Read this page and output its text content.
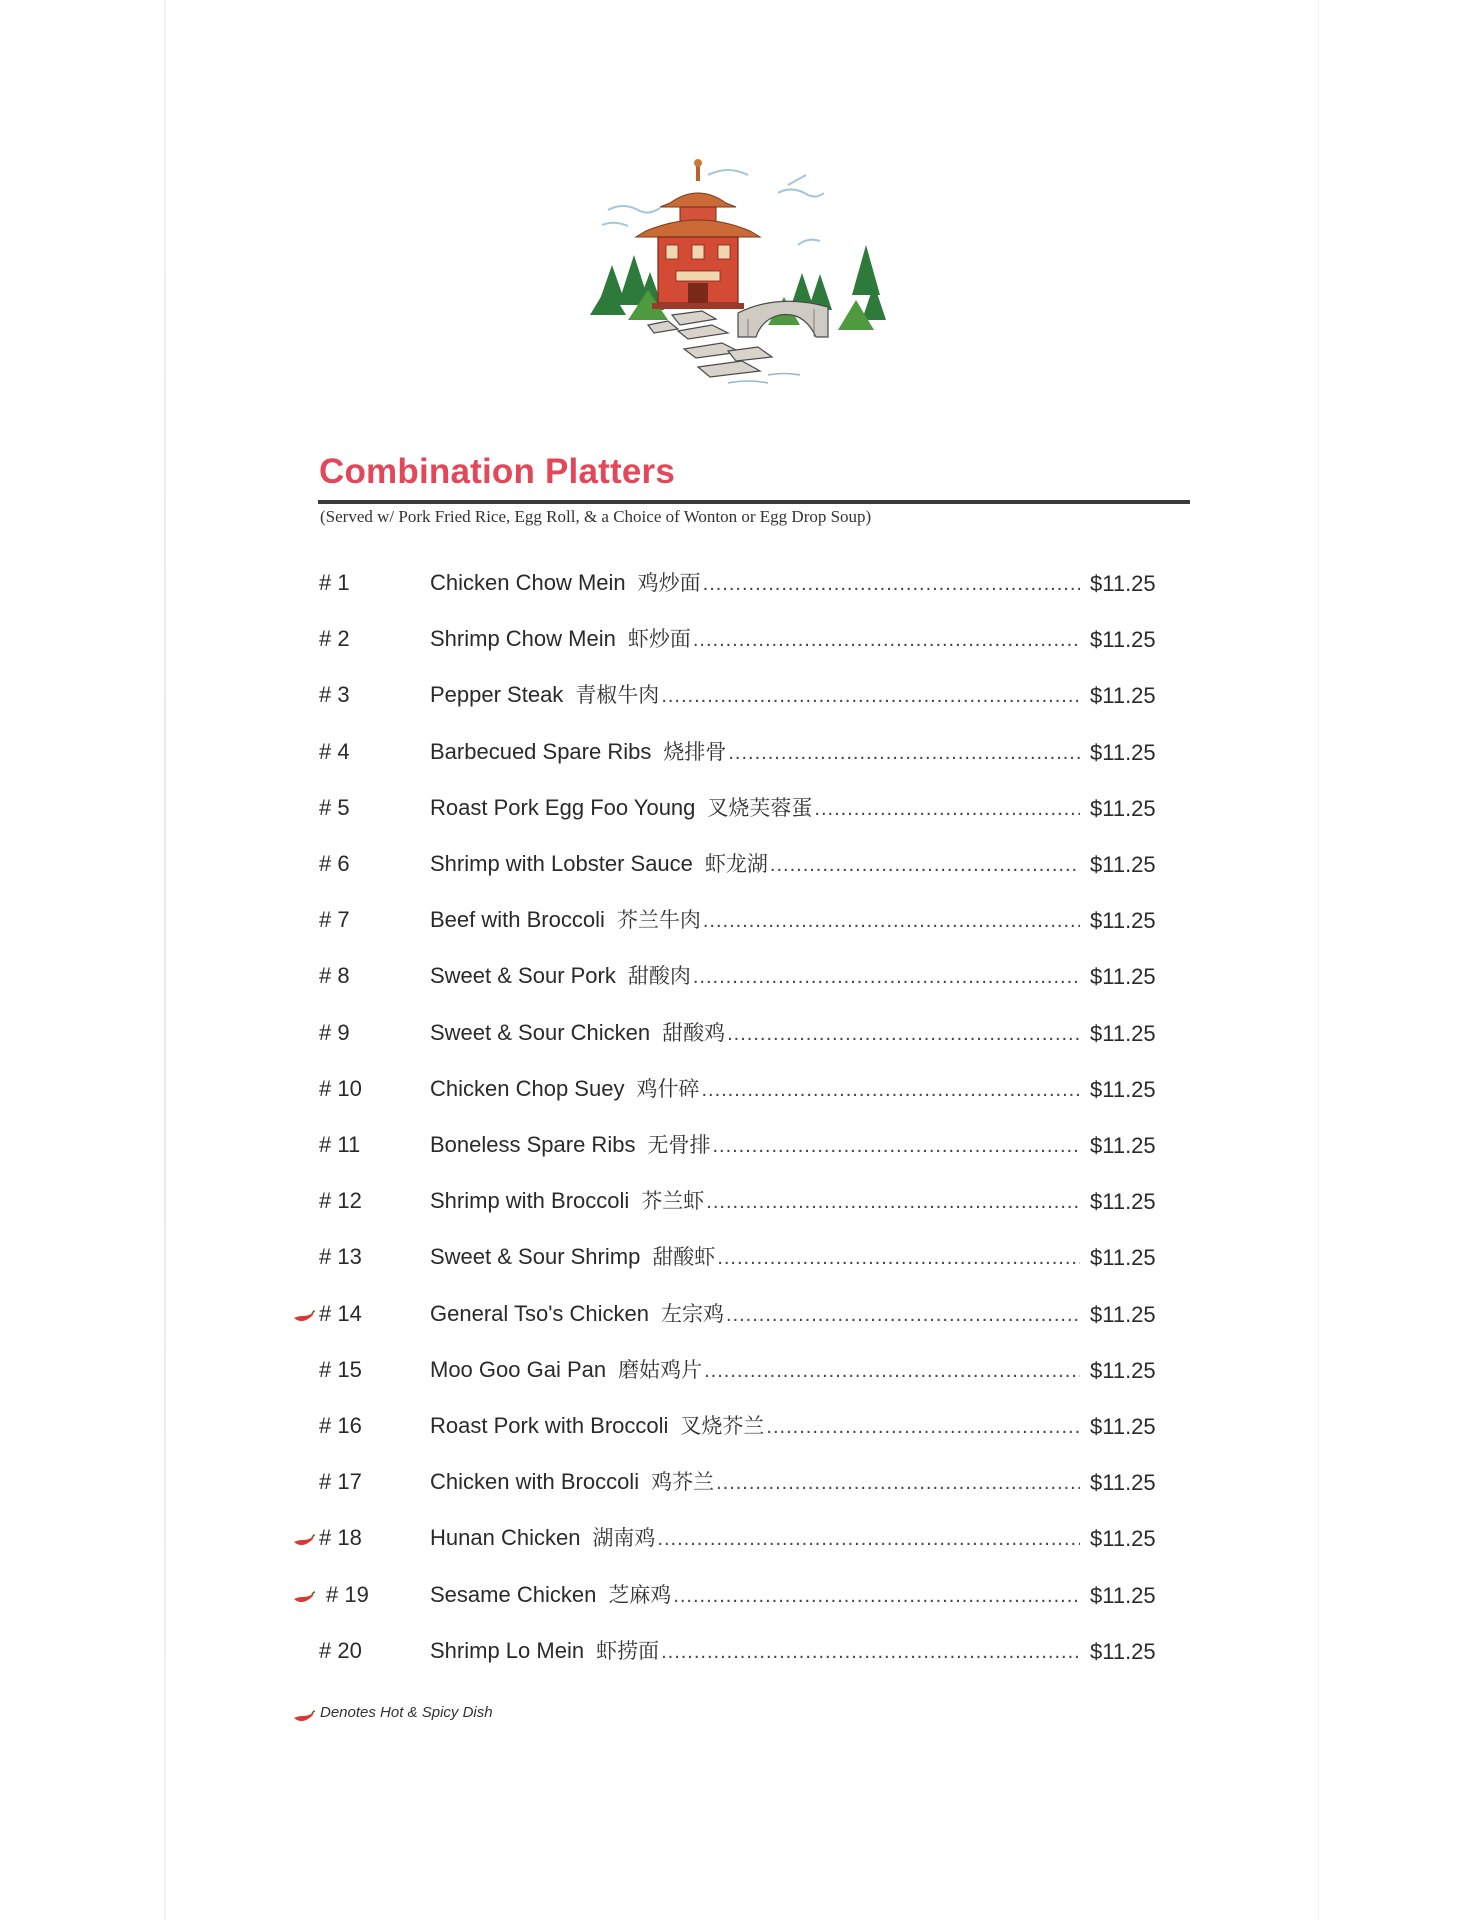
Combination Platters
(Served w/ Pork Fried Rice, Egg Roll, & a Choice of Wonton or Egg Drop Soup)
# 1	Chicken Chow Mein 鸡炒面 .....	$11.25
# 2	Shrimp Chow Mein 虾炒面 .....	$11.25
# 3	Pepper Steak 青椒牛肉 .....	$11.25
# 4	Barbecued Spare Ribs 烧排骨 .....	$11.25
# 5	Roast Pork Egg Foo Young 叉烧芙蓉蛋 .....	$11.25
# 6	Shrimp with Lobster Sauce 虾龙湖 .....	$11.25
# 7	Beef with Broccoli 芥兰牛肉 .....	$11.25
# 8	Sweet & Sour Pork 甜酸肉 .....	$11.25
# 9	Sweet & Sour Chicken 甜酸鸡 .....	$11.25
# 10	Chicken Chop Suey 鸡什碎 .....	$11.25
# 11	Boneless Spare Ribs 无骨排 .....	$11.25
# 12	Shrimp with Broccoli 芥兰虾 .....	$11.25
# 13	Sweet & Sour Shrimp 甜酸虾 .....	$11.25
# 14	General Tso's Chicken 左宗鸡 .....	$11.25
# 15	Moo Goo Gai Pan 磨姑鸡片 .....	$11.25
# 16	Roast Pork with Broccoli 叉烧芥兰 .....	$11.25
# 17	Chicken with Broccoli 鸡芥兰 .....	$11.25
# 18	Hunan Chicken 湖南鸡 .....	$11.25
# 19	Sesame Chicken 芝麻鸡 .....	$11.25
# 20	Shrimp Lo Mein 虾捞面 .....	$11.25
Denotes Hot & Spicy Dish
